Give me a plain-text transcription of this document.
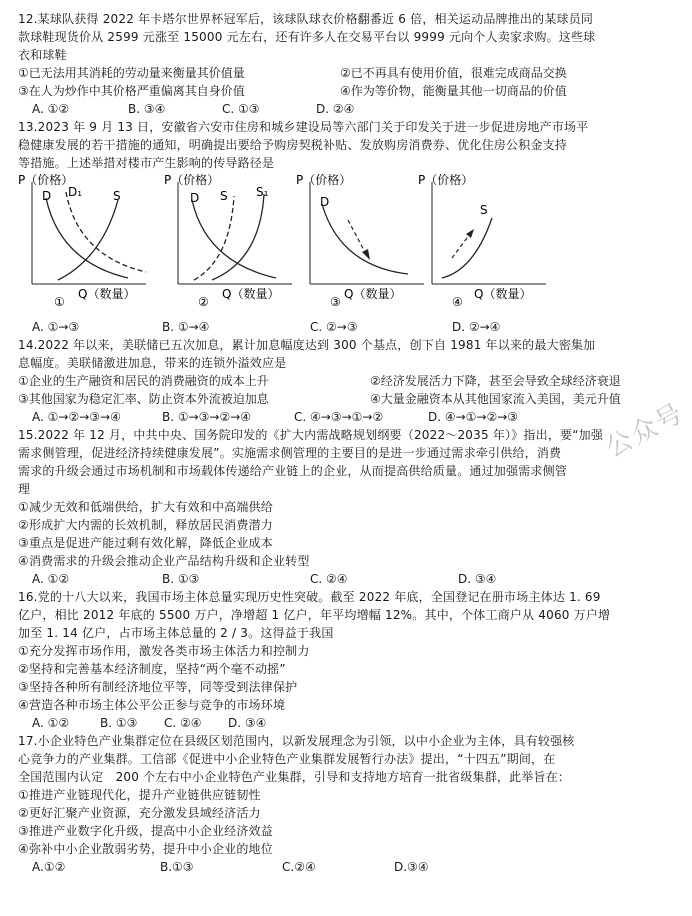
12.某球队获得 2022 年卡塔尔世界杯冠军后，该球队球衣价格翻番近 6 倍，相关运动品牌推出的某球员同
款球鞋现货价从 2599 元涨至 15000 元左右，还有许多人在交易平台以 9999 元向个人卖家求购。这些球
衣和球鞋
①已无法用其消耗的劳动量来衡量其价值量	②已不再具有使用价值，很难完成商品交换
③在人为炒作中其价格严重偏离其自身价值	④作为等价物，能衡量其他一切商品的价值
A. ①②	B. ③④	C. ①③	D. ②④
13.2023 年 9 月 13 日，安徽省六安市住房和城乡建设局等六部门关于印发关于进一步促进房地产市场平
稳健康发展的若干措施的通知，明确提出要给予购房契税补贴、发放购房消费券、优化住房公积金支持
等措施。上述举措对楼市产生影响的传导路径是
P（价格）
D D₁	S
①
Q（数量）
P（价格）
D S S₁
Q（数量）
②
P（价格）
D
Q（数量）
③
P（价格）
S
Q（数量）
④
A. ①→③	B. ①→④	C. ②→③	D. ②→④
14.2022 年以来，美联储已五次加息，累计加息幅度达到 300 个基点，创下自 1981 年以来的最大密集加
息幅度。美联储激进加息，带来的连锁外溢效应是
①企业的生产融资和居民的消费融资的成本上升	②经济发展活力下降，甚至会导致全球经济衰退
③其他国家为稳定汇率、防止资本外流被迫加息	④大量金融资本从其他国家流入美国，美元升值
A. ①→②→③→④	B. ①→③→②→④	C. ④→③→①→②	D. ④→①→②→③
15.2022 年 12 月，中共中央、国务院印发的《扩大内需战略规划纲要（2022～2035 年）》指出，要“加强
需求侧管理，促进经济持续健康发展”。实施需求侧管理的主要目的是进一步通过需求牵引供给，消费
需求的升级会通过市场机制和市场载体传递给产业链上的企业，从而提高供给质量。通过加强需求侧管
理
①减少无效和低端供给，扩大有效和中高端供给
②形成扩大内需的长效机制，释放居民消费潜力
③重点是促进产能过剩有效化解，降低企业成本
④消费需求的升级会推动企业产品结构升级和企业转型
A. ①②	B. ①③	C. ②④	D. ③④
16.党的十八大以来，我国市场主体总量实现历史性突破。截至 2022 年底，全国登记在册市场主体达 1. 69
亿户，相比 2012 年底的 5500 万户，净增超 1 亿户，年平均增幅 12%。其中，个体工商户从 4060 万户增
加至 1. 14 亿户，占市场主体总量的 2 / 3。这得益于我国
①充分发挥市场作用，激发各类市场主体活力和控制力
②坚持和完善基本经济制度，坚持“两个毫不动摇”
③坚持各种所有制经济地位平等，同等受到法律保护
④营造各种市场主体公平公正参与竞争的市场环境
A. ①②	B. ①③	C. ②④	D. ③④
17.小企业特色产业集群定位在县级区划范围内，以新发展理念为引领，以中小企业为主体，具有较强核
心竞争力的产业集群。工信部《促进中小企业特色产业集群发展暂行办法》提出，“十四五”期间，在
全国范围内认定　200 个左右中小企业特色产业集群，引导和支持地方培育一批省级集群，此举旨在：
①推进产业链现代化，提升产业链供应链韧性
②更好汇聚产业资源，充分激发县域经济活力
③推进产业数字化升级，提高中小企业经济效益
④弥补中小企业散弱劣势，提升中小企业的地位
A.①②	B.①③	C.②④	D.③④
公众号
